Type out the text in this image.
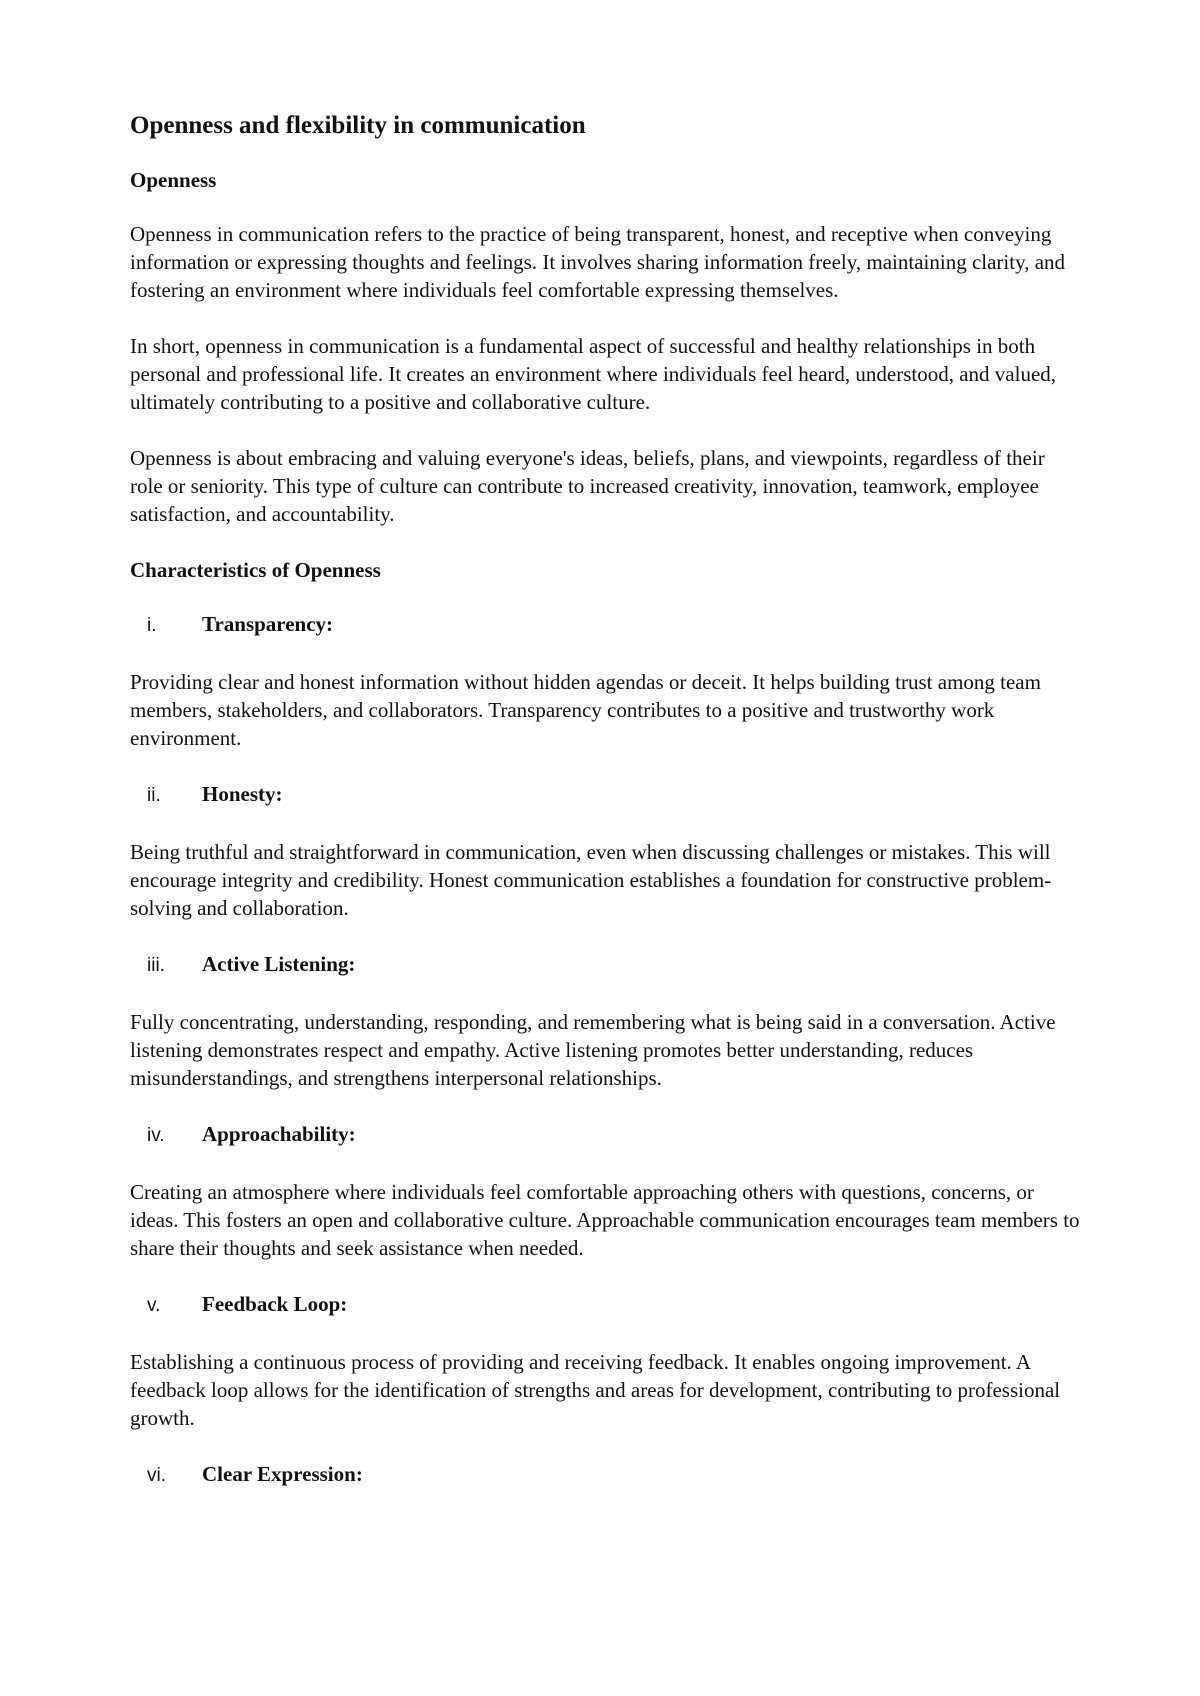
Openness and flexibility in communication
Openness

Openness in communication refers to the practice of being transparent, honest, and receptive when conveying information or expressing thoughts and feelings. It involves sharing information freely, maintaining clarity, and fostering an environment where individuals feel comfortable expressing themselves.

In short, openness in communication is a fundamental aspect of successful and healthy relationships in both personal and professional life. It creates an environment where individuals feel heard, understood, and valued, ultimately contributing to a positive and collaborative culture.

Openness is about embracing and valuing everyone's ideas, beliefs, plans, and viewpoints, regardless of their role or seniority. This type of culture can contribute to increased creativity, innovation, teamwork, employee satisfaction, and accountability.

Characteristics of Openness
i.	Transparency:

Providing clear and honest information without hidden agendas or deceit. It helps building trust among team members, stakeholders, and collaborators. Transparency contributes to a positive and trustworthy work environment.

ii.	Honesty:

Being truthful and straightforward in communication, even when discussing challenges or mistakes. This will encourage integrity and credibility. Honest communication establishes a foundation for constructive problem-solving and collaboration.

iii.	Active Listening:

Fully concentrating, understanding, responding, and remembering what is being said in a conversation. Active listening demonstrates respect and empathy. Active listening promotes better understanding, reduces misunderstandings, and strengthens interpersonal relationships.

iv.	Approachability:

Creating an atmosphere where individuals feel comfortable approaching others with questions, concerns, or ideas. This fosters an open and collaborative culture. Approachable communication encourages team members to share their thoughts and seek assistance when needed.

v.	Feedback Loop:

Establishing a continuous process of providing and receiving feedback. It enables ongoing improvement. A feedback loop allows for the identification of strengths and areas for development, contributing to professional growth.

vi.	Clear Expression:
